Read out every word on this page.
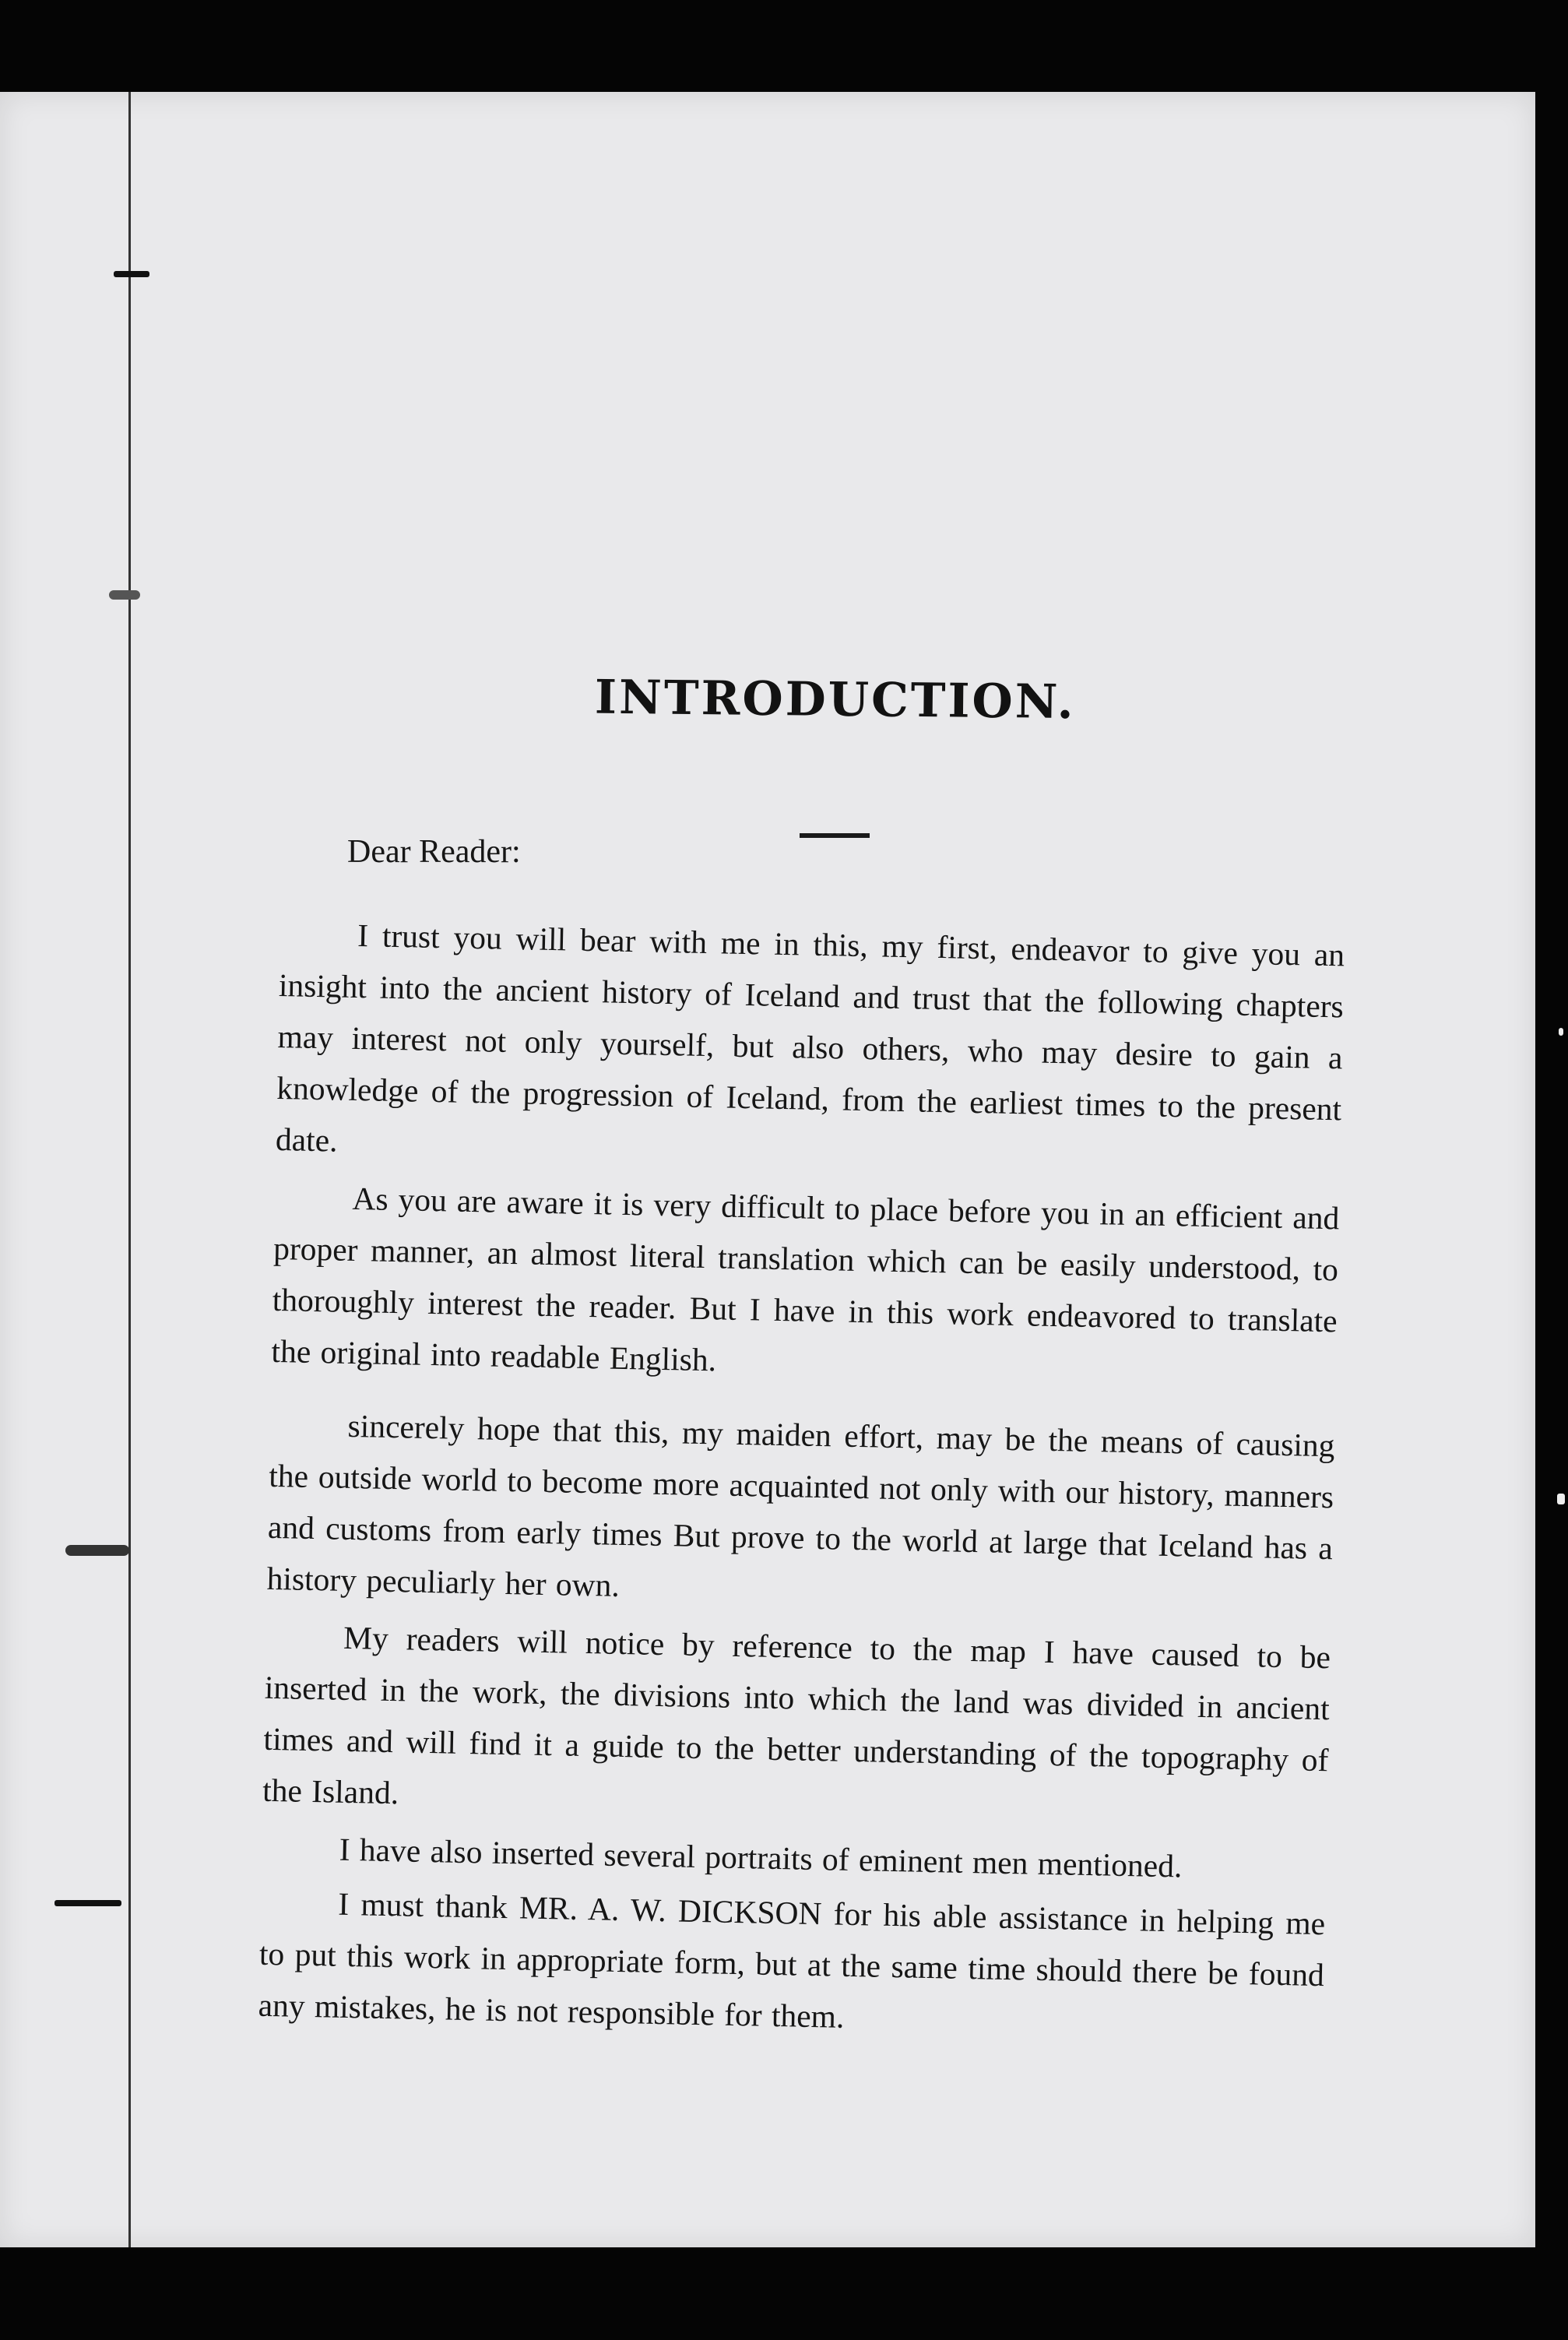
INTRODUCTION.
Dear Reader:

I trust you will bear with me in this, my first, endeavor to give you an insight into the ancient history of Iceland and trust that the following chapters may interest not only yourself, but also others, who may desire to gain a knowledge of the progression of Iceland, from the earliest times to the present date.

As you are aware it is very difficult to place before you in an efficient and proper manner, an almost literal translation which can be easily understood, to thoroughly interest the reader. But I have in this work endeavored to translate the original into readable English.

sincerely hope that this, my maiden effort, may be the means of causing the outside world to become more acquainted not only with our history, manners and customs from early times But prove to the world at large that Iceland has a history peculiarly her own.

My readers will notice by reference to the map I have caused to be inserted in the work, the divisions into which the land was divided in ancient times and will find it a guide to the better understanding of the topography of the Island.

I have also inserted several portraits of eminent men mentioned.

I must thank MR. A. W. DICKSON for his able assistance in helping me to put this work in appropriate form, but at the same time should there be found any mistakes, he is not responsible for them.
